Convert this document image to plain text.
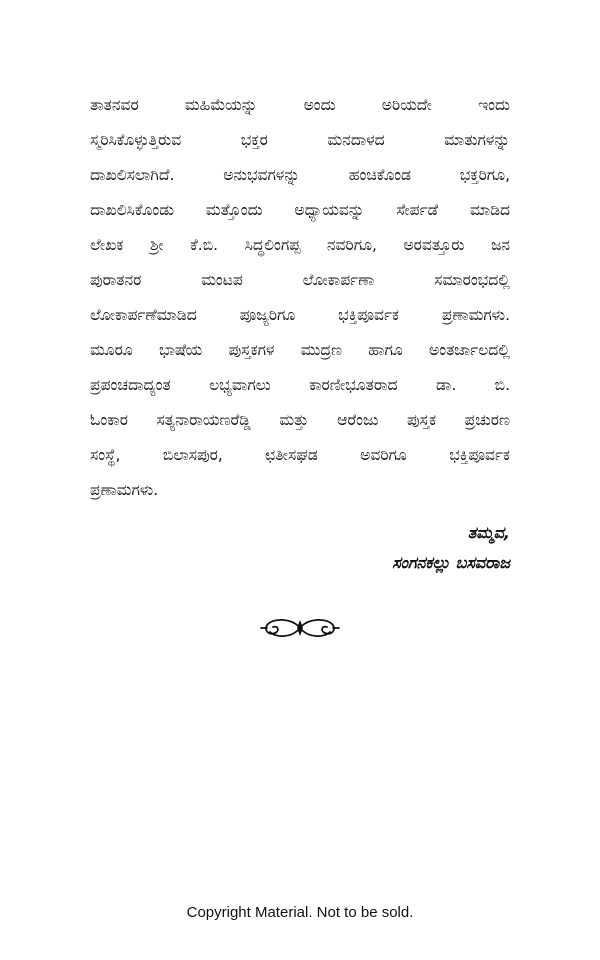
ತಾತನವರ ಮಹಿಮೆಯನ್ನು ಅಂದು ಅರಿಯದೇ ಇಂದು
ಸ್ಮರಿಸಿಕೊಳ್ಳುತ್ತಿರುವ ಭಕ್ತರ ಮನದಾಳದ ಮಾತುಗಳನ್ನು
ದಾಖಲಿಸಲಾಗಿದೆ. ಅನುಭವಗಳನ್ನು ಹಂಚಿಕೊಂಡ ಭಕ್ತರಿಗೂ,
ದಾಖಲಿಸಿಕೊಂಡು ಮತ್ತೊಂದು ಅಧ್ಯಾಯವನ್ನು ಸೇರ್ಪಡೆ ಮಾಡಿದ
ಲೇಖಕ ಶ್ರೀ ಕೆ.ಬಿ. ಸಿದ್ಧಲಿಂಗಪ್ಪ ನವರಿಗೂ, ಅರವತ್ತೂರು ಜನ
ಪುರಾತನರ ಮಂಟಪ ಲೋಕಾರ್ಪಣಾ ಸಮಾರಂಭದಲ್ಲಿ
ಲೋಕಾರ್ಪಣೆಮಾಡಿದ ಪೂಜ್ಯರಿಗೂ ಭಕ್ತಿಪೂರ್ವಕ ಪ್ರಣಾಮಗಳು.
ಮೂರೂ ಭಾಷೆಯ ಪುಸ್ತಕಗಳ ಮುದ್ರಣ ಹಾಗೂ ಅಂತರ್ಜಾಲದಲ್ಲಿ
ಪ್ರಪಂಚದಾದ್ಯಂತ ಲಭ್ಯವಾಗಲು ಕಾರಣೀಭೂತರಾದ ಡಾ. ಬಿ.
ಓಂಕಾರ ಸತ್ಯನಾರಾಯಣರೆಡ್ಡಿ ಮತ್ತು ಆರೆಂಜು ಪುಸ್ತಕ ಪ್ರಚುರಣ
ಸಂಸ್ಥೆ, ಬಿಲಾಸಪುರ, ಛತೀಸಘಡ ಅವರಿಗೂ ಭಕ್ತಿಪೂರ್ವಕ
ಪ್ರಣಾಮಗಳು.
ತಮ್ಮವ,
ಸಂಗನಕಲ್ಲು ಬಸವರಾಜ
Copyright Material. Not to be sold.
